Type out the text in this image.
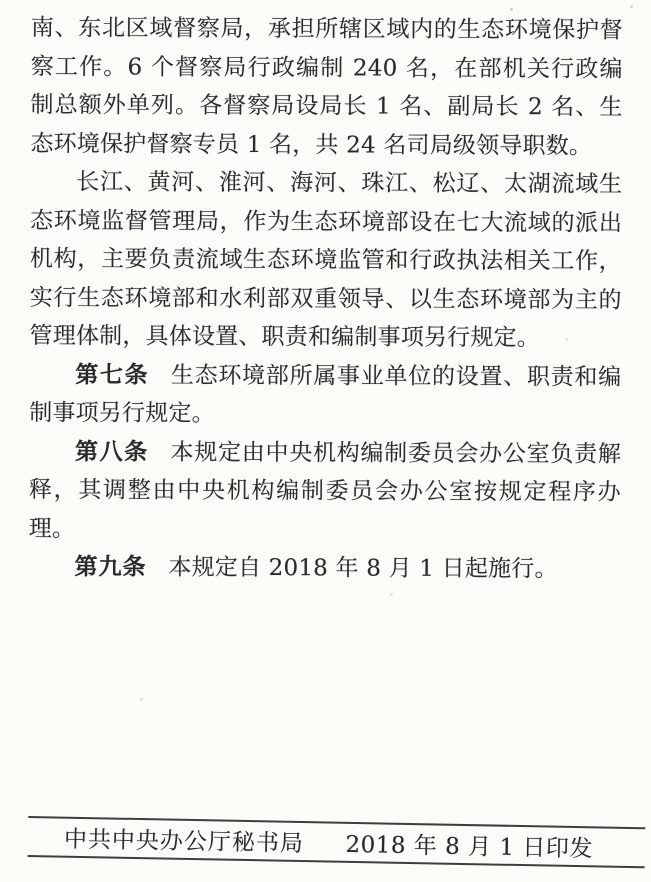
南、东北区域督察局，承担所辖区域内的生态环境保护督察工作。6 个督察局行政编制 240 名，在部机关行政编制总额外单列。各督察局设局长 1 名、副局长 2 名、生态环境保护督察专员 1 名，共 24 名司局级领导职数。

长江、黄河、淮河、海河、珠江、松辽、太湖流域生态环境监督管理局，作为生态环境部设在七大流域的派出机构，主要负责流域生态环境监管和行政执法相关工作，实行生态环境部和水利部双重领导、以生态环境部为主的管理体制，具体设置、职责和编制事项另行规定。

第七条 生态环境部所属事业单位的设置、职责和编制事项另行规定。

第八条 本规定由中央机构编制委员会办公室负责解释，其调整由中央机构编制委员会办公室按规定程序办理。

第九条 本规定自 2018 年 8 月 1 日起施行。

中共中央办公厅秘书局 2018 年 8 月 1 日印发
